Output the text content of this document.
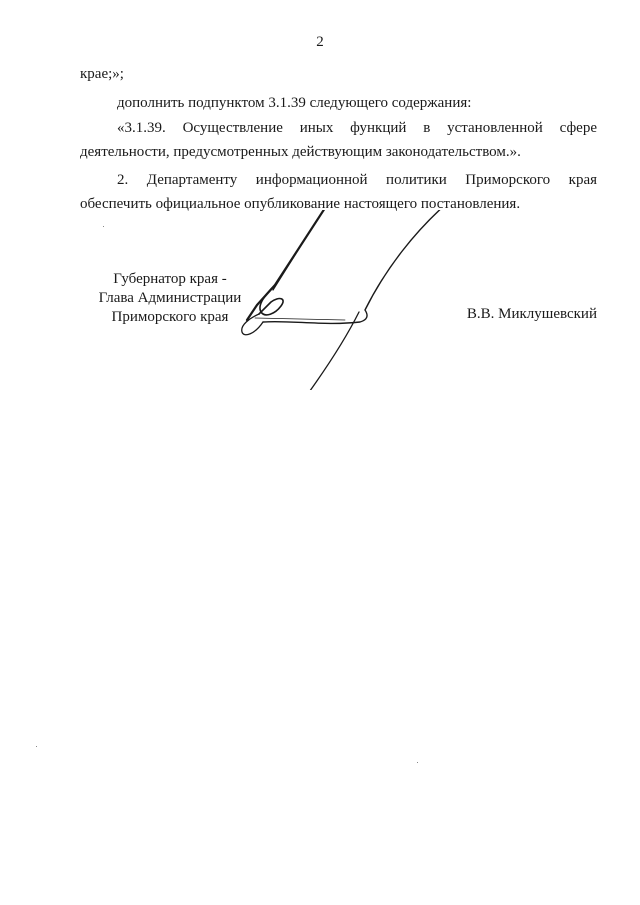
2
крае;»;
дополнить подпунктом 3.1.39 следующего содержания:
«3.1.39. Осуществление иных функций в установленной сфере
деятельности, предусмотренных действующим законодательством.».
2. Департаменту информационной политики Приморского края
обеспечить официальное опубликование настоящего постановления.
Губернатор края -
Глава Администрации
Приморского края	В.В. Миклушевский
